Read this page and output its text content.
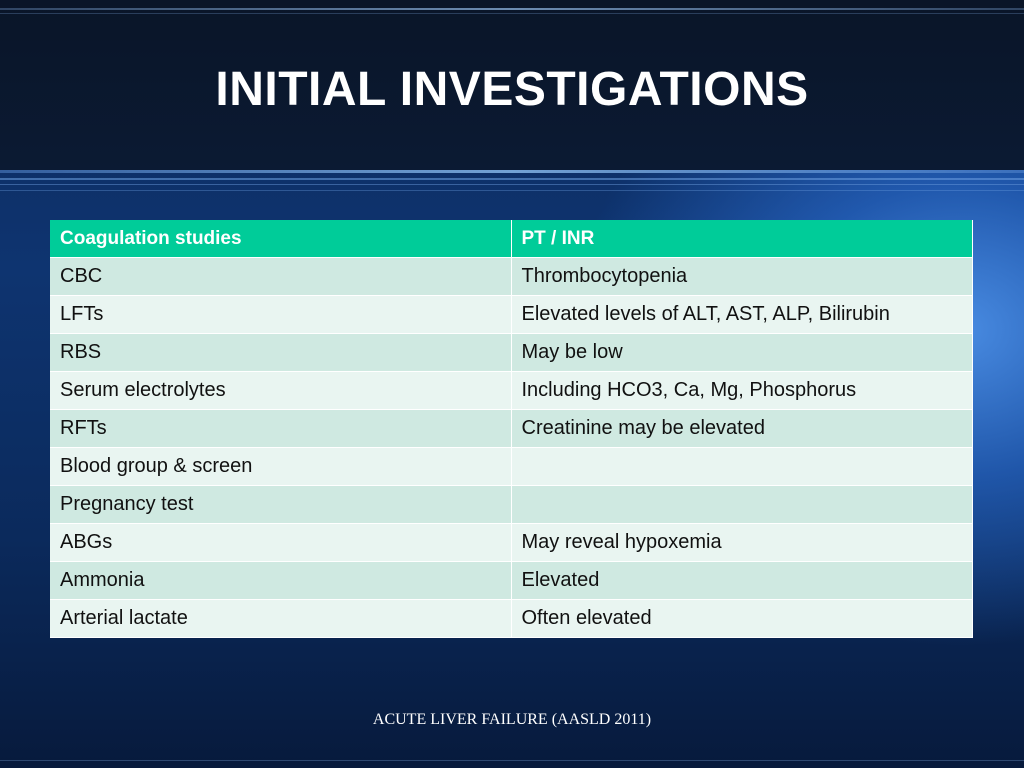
INITIAL INVESTIGATIONS
Coagulation studies	PT / INR
CBC	Thrombocytopenia
LFTs	Elevated levels of ALT, AST, ALP, Bilirubin
RBS	May be low
Serum electrolytes	Including HCO3, Ca, Mg, Phosphorus
RFTs	Creatinine may be elevated
Blood group & screen	
Pregnancy test	
ABGs	May reveal hypoxemia
Ammonia	Elevated
Arterial lactate	Often elevated
ACUTE LIVER FAILURE (AASLD 2011)
